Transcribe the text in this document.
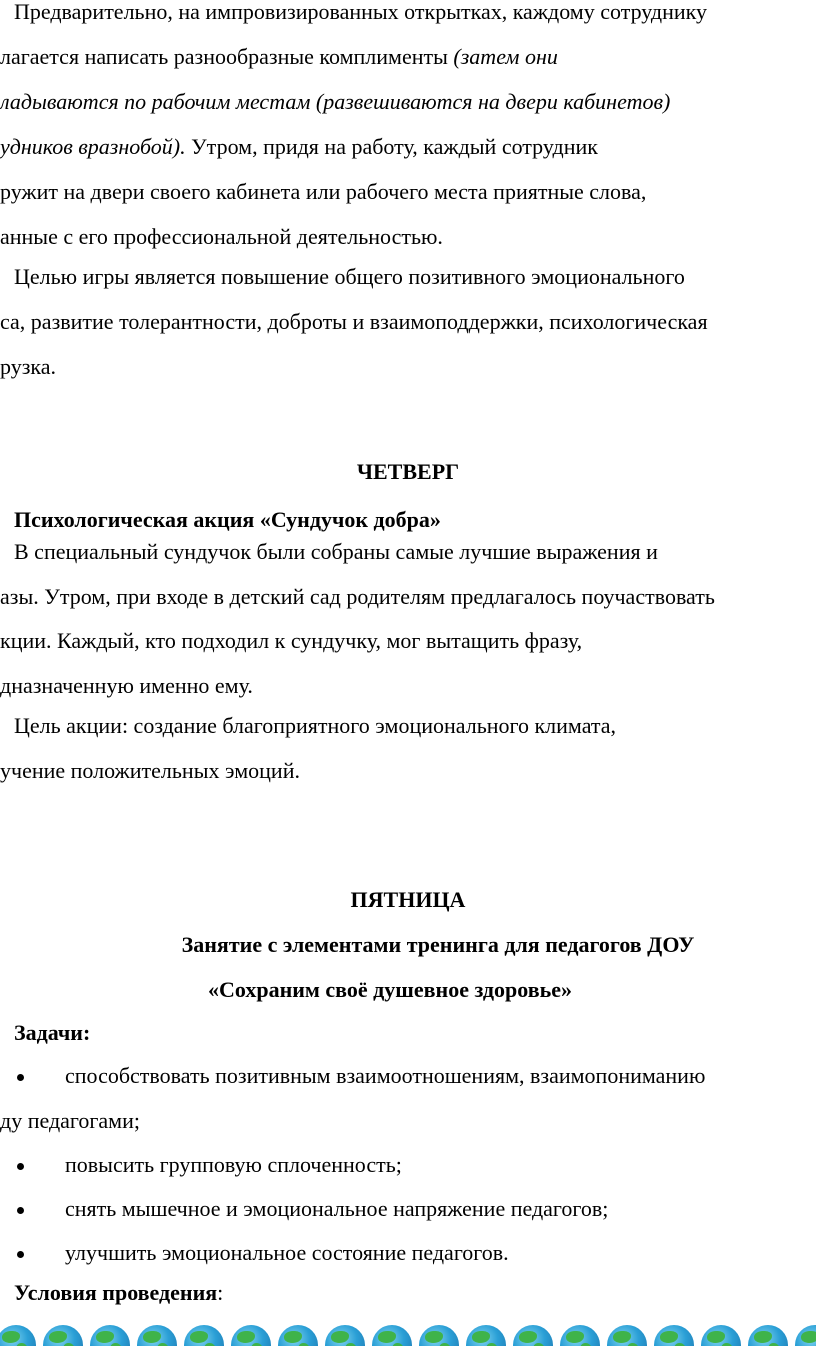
Предварительно, на импровизированных открытках, каждому сотруднику
лагается написать разнообразные комплименты (затем они
ладываются по рабочим местам (развешиваются на двери кабинетов)
удников вразнобой). Утром, придя на работу, каждый сотрудник
ружит на двери своего кабинета или рабочего места приятные слова,
анные с его профессиональной деятельностью.
Целью игры является повышение общего позитивного эмоционального
са, развитие толерантности, доброты и взаимоподдержки, психологическая
рузка.
ЧЕТВЕРГ
Психологическая акция «Сундучок добра»
В специальный сундучок были собраны самые лучшие выражения и
азы. Утром, при входе в детский сад родителям предлагалось поучаствовать
кции. Каждый, кто подходил к сундучку, мог вытащить фразу,
дназначенную именно ему.
Цель акции: создание благоприятного эмоционального климата,
учение положительных эмоций.
ПЯТНИЦА
Занятие с элементами тренинга для педагогов ДОУ
«Сохраним своё душевное здоровье»
Задачи:
способствовать позитивным взаимоотношениям, взаимопониманию
ду педагогами;
повысить групповую сплоченность;
снять мышечное и эмоциональное напряжение педагогов;
улучшить эмоциональное состояние педагогов.
Условия проведения:
